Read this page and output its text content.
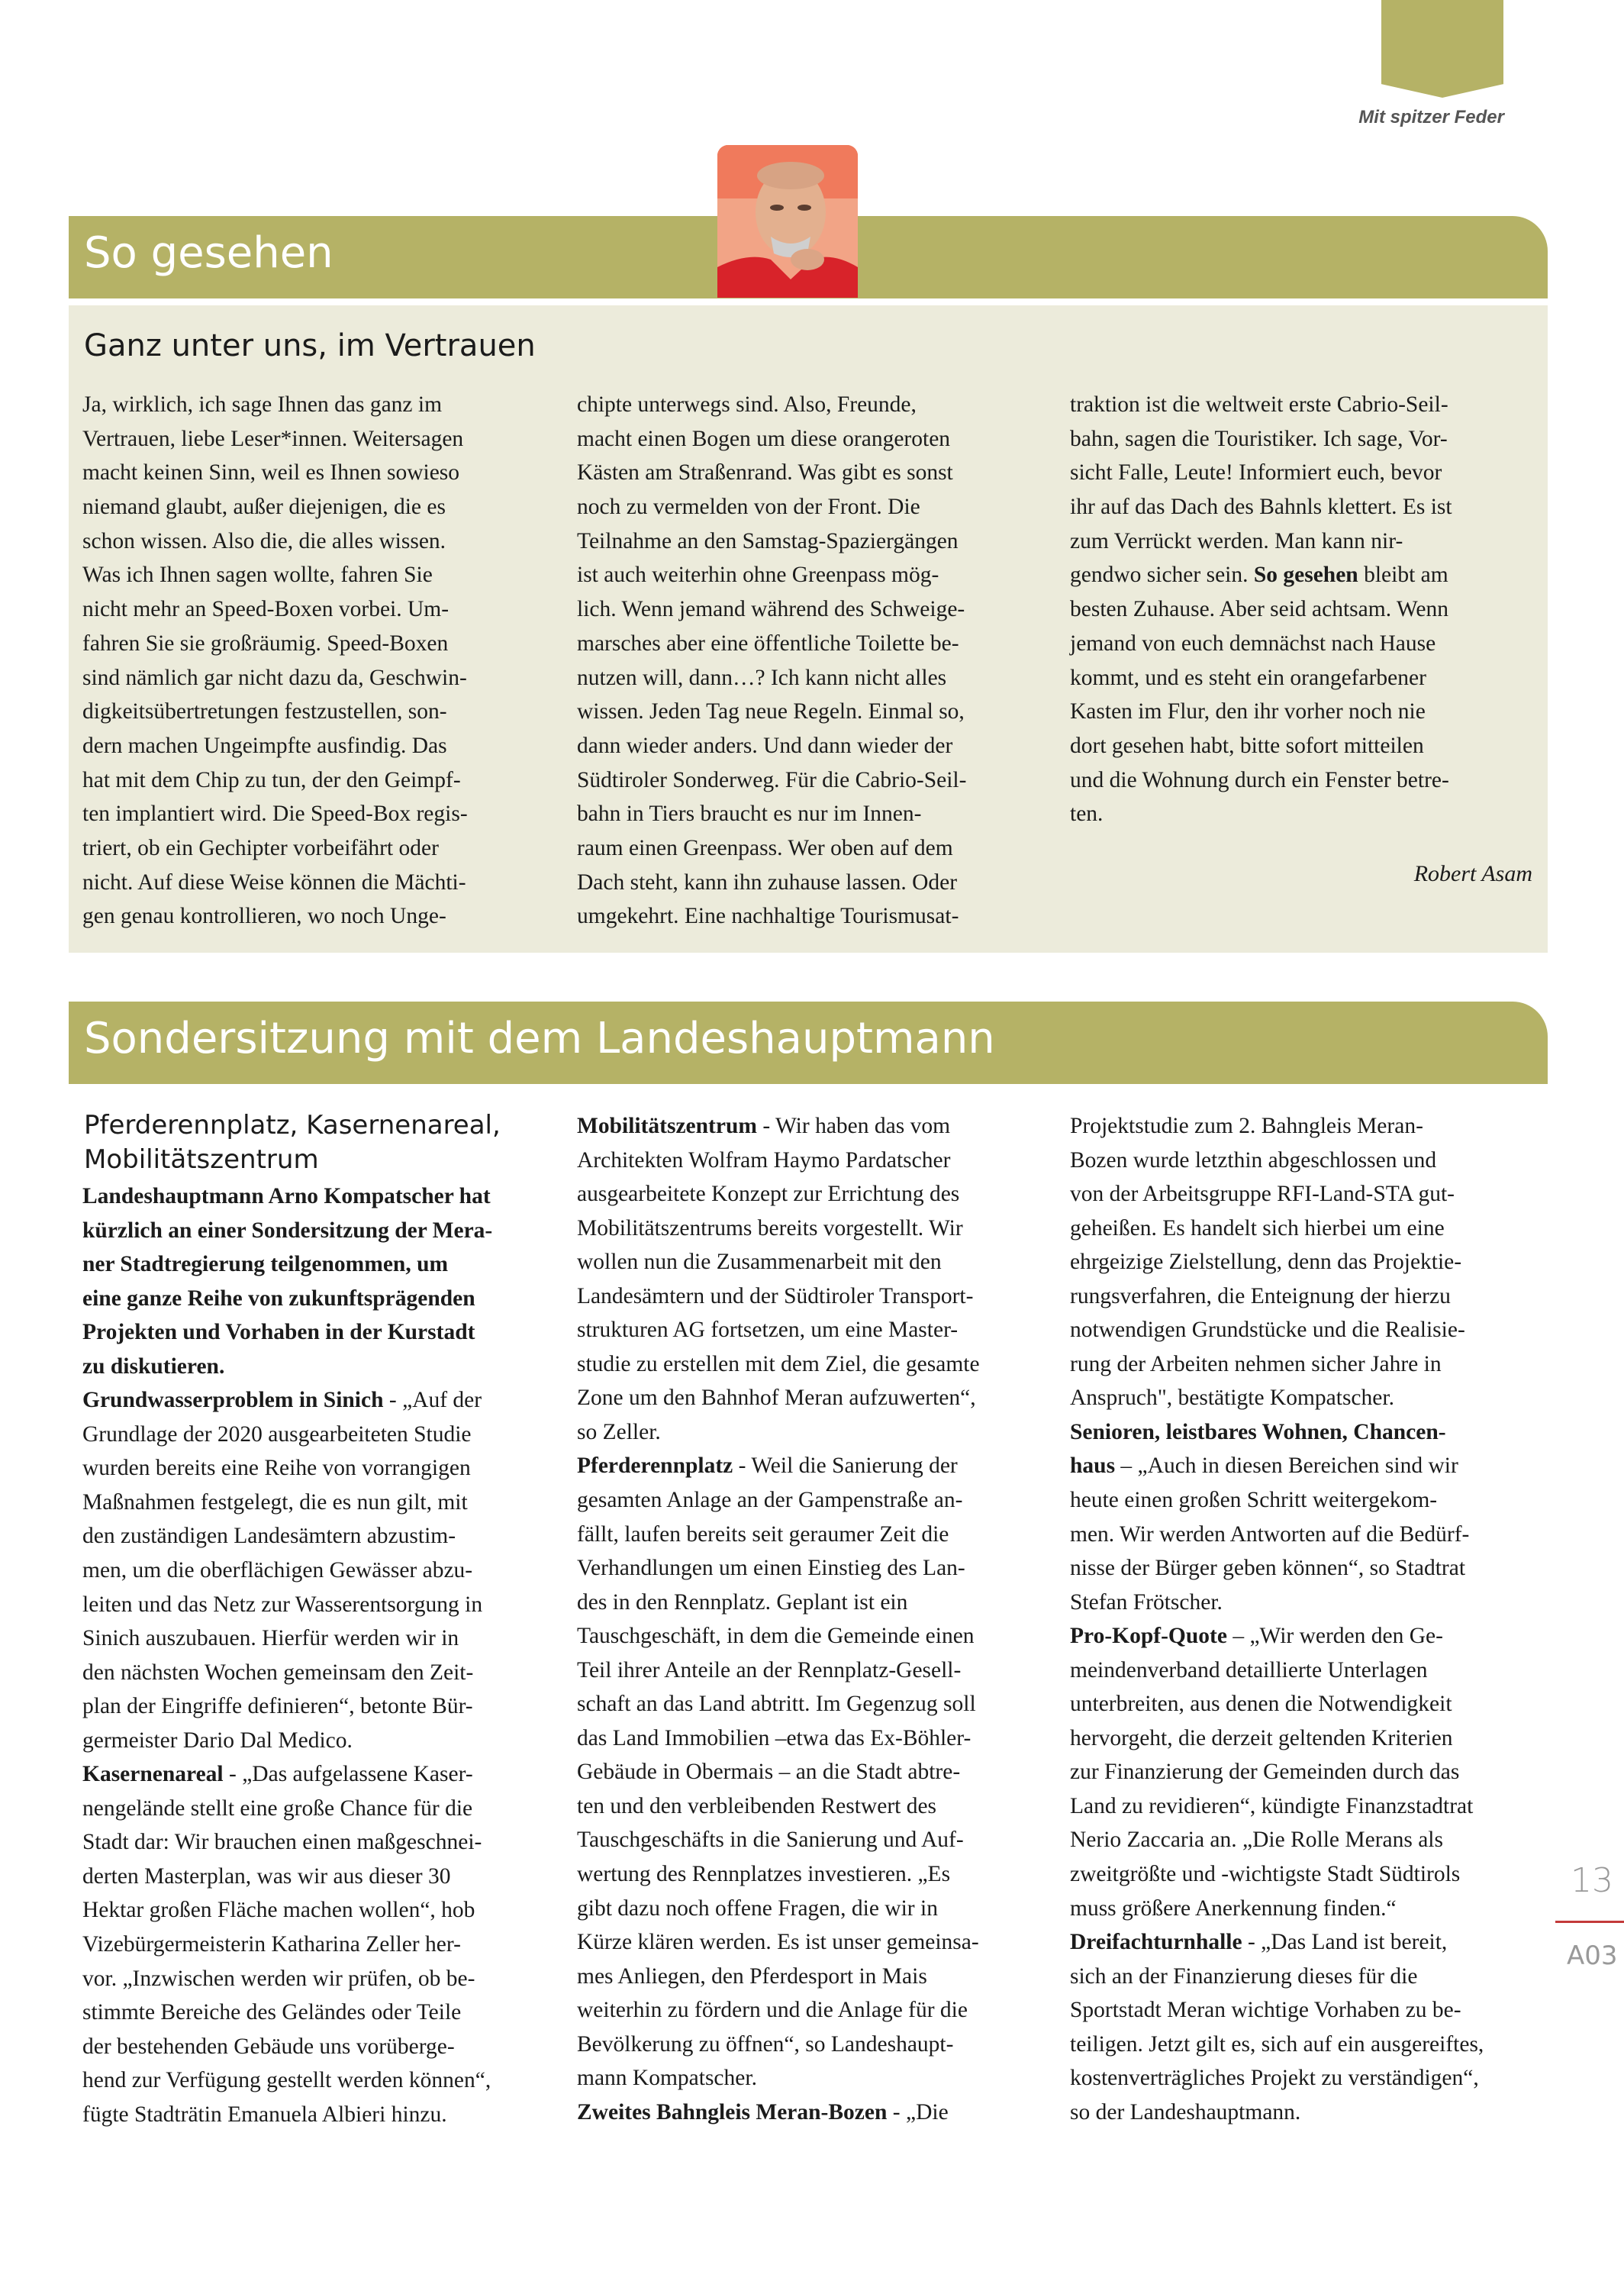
Mit spitzer Feder
So gesehen
Ganz unter uns, im Vertrauen
Ja, wirklich, ich sage Ihnen das ganz im
Vertrauen, liebe Leser*innen. Weitersagen
macht keinen Sinn, weil es Ihnen sowieso
niemand glaubt, außer diejenigen, die es
schon wissen. Also die, die alles wissen.
Was ich Ihnen sagen wollte, fahren Sie
nicht mehr an Speed-Boxen vorbei. Um-
fahren Sie sie großräumig. Speed-Boxen
sind nämlich gar nicht dazu da, Geschwin-
digkeitsübertretungen festzustellen, son-
dern machen Ungeimpfte ausfindig. Das
hat mit dem Chip zu tun, der den Geimpf-
ten implantiert wird. Die Speed-Box regis-
triert, ob ein Gechipter vorbeifährt oder
nicht. Auf diese Weise können die Mächti-
gen genau kontrollieren, wo noch Unge-
chipte unterwegs sind. Also, Freunde,
macht einen Bogen um diese orangeroten
Kästen am Straßenrand. Was gibt es sonst
noch zu vermelden von der Front. Die
Teilnahme an den Samstag-Spaziergängen
ist auch weiterhin ohne Greenpass mög-
lich. Wenn jemand während des Schweige-
marsches aber eine öffentliche Toilette be-
nutzen will, dann…? Ich kann nicht alles
wissen. Jeden Tag neue Regeln. Einmal so,
dann wieder anders. Und dann wieder der
Südtiroler Sonderweg. Für die Cabrio-Seil-
bahn in Tiers braucht es nur im Innen-
raum einen Greenpass. Wer oben auf dem
Dach steht, kann ihn zuhause lassen. Oder
umgekehrt. Eine nachhaltige Tourismusat-
traktion ist die weltweit erste Cabrio-Seil-
bahn, sagen die Touristiker. Ich sage, Vor-
sicht Falle, Leute! Informiert euch, bevor
ihr auf das Dach des Bahnls klettert. Es ist
zum Verrückt werden. Man kann nir-
gendwo sicher sein. So gesehen bleibt am
besten Zuhause. Aber seid achtsam. Wenn
jemand von euch demnächst nach Hause
kommt, und es steht ein orangefarbener
Kasten im Flur, den ihr vorher noch nie
dort gesehen habt, bitte sofort mitteilen
und die Wohnung durch ein Fenster betre-
ten.
Robert Asam
Sondersitzung mit dem Landeshauptmann
Pferderennplatz, Kasernenareal,
Mobilitätszentrum
Landeshauptmann Arno Kompatscher hat
kürzlich an einer Sondersitzung der Mera-
ner Stadtregierung teilgenommen, um
eine ganze Reihe von zukunftsprägenden
Projekten und Vorhaben in der Kurstadt
zu diskutieren.
Grundwasserproblem in Sinich - „Auf der
Grundlage der 2020 ausgearbeiteten Studie
wurden bereits eine Reihe von vorrangigen
Maßnahmen festgelegt, die es nun gilt, mit
den zuständigen Landesämtern abzustim-
men, um die oberflächigen Gewässer abzu-
leiten und das Netz zur Wasserentsorgung in
Sinich auszubauen. Hierfür werden wir in
den nächsten Wochen gemeinsam den Zeit-
plan der Eingriffe definieren“, betonte Bür-
germeister Dario Dal Medico.
Kasernenareal - „Das aufgelassene Kaser-
nengelände stellt eine große Chance für die
Stadt dar: Wir brauchen einen maßgeschnei-
derten Masterplan, was wir aus dieser 30
Hektar großen Fläche machen wollen“, hob
Vizebürgermeisterin Katharina Zeller her-
vor. „Inzwischen werden wir prüfen, ob be-
stimmte Bereiche des Geländes oder Teile
der bestehenden Gebäude uns vorüberge-
hend zur Verfügung gestellt werden können“,
fügte Stadträtin Emanuela Albieri hinzu.
Mobilitätszentrum - Wir haben das vom
Architekten Wolfram Haymo Pardatscher
ausgearbeitete Konzept zur Errichtung des
Mobilitätszentrums bereits vorgestellt. Wir
wollen nun die Zusammenarbeit mit den
Landesämtern und der Südtiroler Transport-
strukturen AG fortsetzen, um eine Master-
studie zu erstellen mit dem Ziel, die gesamte
Zone um den Bahnhof Meran aufzuwerten“,
so Zeller.
Pferderennplatz - Weil die Sanierung der
gesamten Anlage an der Gampenstraße an-
fällt, laufen bereits seit geraumer Zeit die
Verhandlungen um einen Einstieg des Lan-
des in den Rennplatz. Geplant ist ein
Tauschgeschäft, in dem die Gemeinde einen
Teil ihrer Anteile an der Rennplatz-Gesell-
schaft an das Land abtritt. Im Gegenzug soll
das Land Immobilien –etwa das Ex-Böhler-
Gebäude in Obermais – an die Stadt abtre-
ten und den verbleibenden Restwert des
Tauschgeschäfts in die Sanierung und Auf-
wertung des Rennplatzes investieren. „Es
gibt dazu noch offene Fragen, die wir in
Kürze klären werden. Es ist unser gemeinsa-
mes Anliegen, den Pferdesport in Mais
weiterhin zu fördern und die Anlage für die
Bevölkerung zu öffnen“, so Landeshaupt-
mann Kompatscher.
Zweites Bahngleis Meran-Bozen - „Die
Projektstudie zum 2. Bahngleis Meran-
Bozen wurde letzthin abgeschlossen und
von der Arbeitsgruppe RFI-Land-STA gut-
geheißen. Es handelt sich hierbei um eine
ehrgeizige Zielstellung, denn das Projektie-
rungsverfahren, die Enteignung der hierzu
notwendigen Grundstücke und die Realisie-
rung der Arbeiten nehmen sicher Jahre in
Anspruch", bestätigte Kompatscher.
Senioren, leistbares Wohnen, Chancen-
haus – „Auch in diesen Bereichen sind wir
heute einen großen Schritt weitergekom-
men. Wir werden Antworten auf die Bedürf-
nisse der Bürger geben können“, so Stadtrat
Stefan Frötscher.
Pro-Kopf-Quote – „Wir werden den Ge-
meindenverband detaillierte Unterlagen
unterbreiten, aus denen die Notwendigkeit
hervorgeht, die derzeit geltenden Kriterien
zur Finanzierung der Gemeinden durch das
Land zu revidieren“, kündigte Finanzstadtrat
Nerio Zaccaria an. „Die Rolle Merans als
zweitgrößte und -wichtigste Stadt Südtirols
muss größere Anerkennung finden.“
Dreifachturnhalle - „Das Land ist bereit,
sich an der Finanzierung dieses für die
Sportstadt Meran wichtige Vorhaben zu be-
teiligen. Jetzt gilt es, sich auf ein ausgereiftes,
kostenverträgliches Projekt zu verständigen“,
so der Landeshauptmann.
13
A03
